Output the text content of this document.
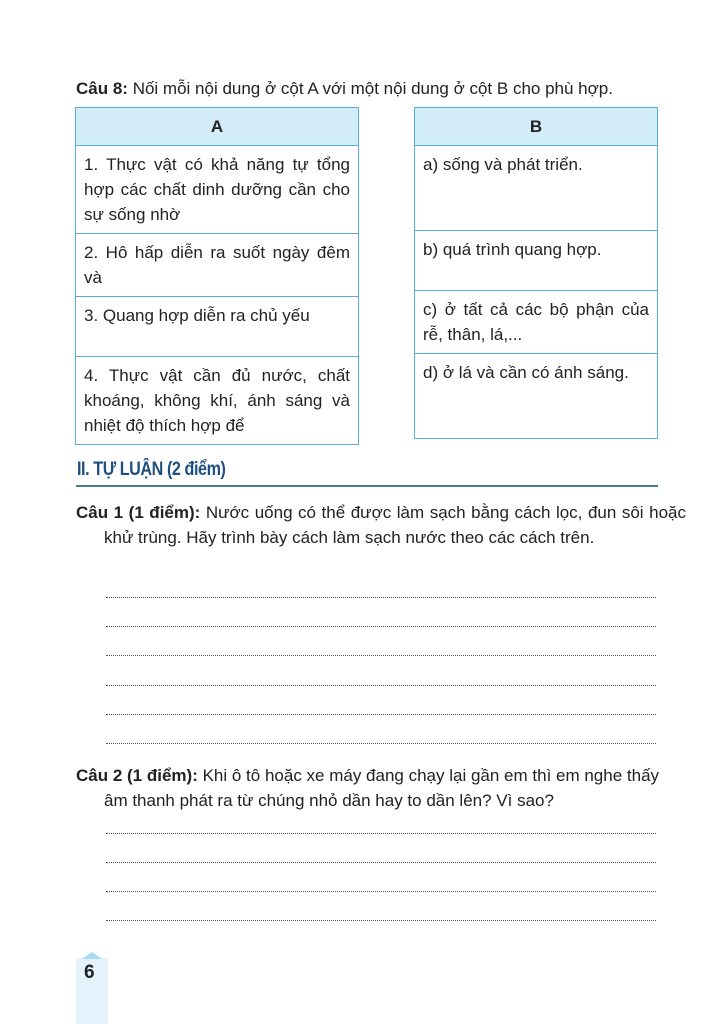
Câu 8: Nối mỗi nội dung ở cột A với một nội dung ở cột B cho phù hợp.
A
1. Thực vật có khả năng tự tổng hợp các chất dinh dưỡng cần cho sự sống nhờ
2. Hô hấp diễn ra suốt ngày đêm và
3. Quang hợp diễn ra chủ yếu
4. Thực vật cần đủ nước, chất khoáng, không khí, ánh sáng và nhiệt độ thích hợp để
B
a) sống và phát triển.
b) quá trình quang hợp.
c) ở tất cả các bộ phận của rễ, thân, lá,...
d) ở lá và cần có ánh sáng.
II. TỰ LUẬN (2 điểm)
Câu 1 (1 điểm): Nước uống có thể được làm sạch bằng cách lọc, đun sôi hoặc khử trùng. Hãy trình bày cách làm sạch nước theo các cách trên.
Câu 2 (1 điểm): Khi ô tô hoặc xe máy đang chạy lại gần em thì em nghe thấy âm thanh phát ra từ chúng nhỏ dần hay to dần lên? Vì sao?
6
